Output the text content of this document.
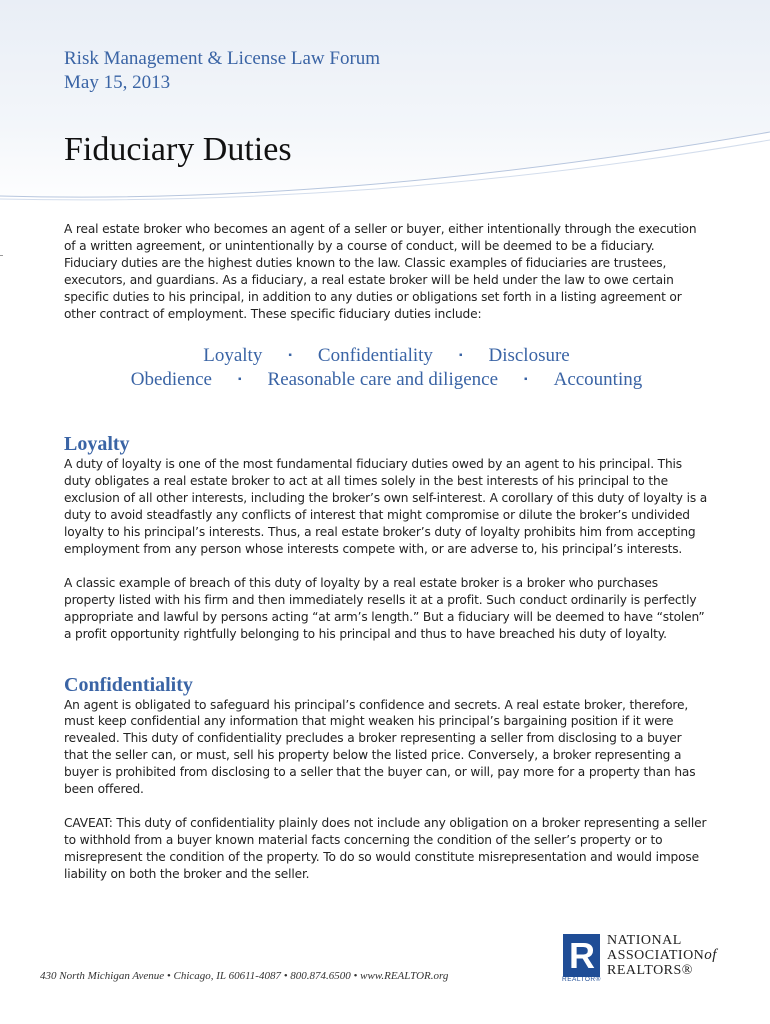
Risk Management & License Law Forum

May 15, 2013

Fiduciary Duties

A real estate broker who becomes an agent of a seller or buyer, either intentionally through the execution of a written agreement, or unintentionally by a course of conduct, will be deemed to be a fiduciary. Fiduciary duties are the highest duties known to the law. Classic examples of fiduciaries are trustees, executors, and guardians. As a fiduciary, a real estate broker will be held under the law to owe certain specific duties to his principal, in addition to any duties or obligations set forth in a listing agreement or other contract of employment. These specific fiduciary duties include:

Loyalty	▪ Confidentiality	▪ Disclosure
Obedience	▪ Reasonable care and diligence	▪ Accounting
Loyalty

A duty of loyalty is one of the most fundamental fiduciary duties owed by an agent to his principal. This duty obligates a real estate broker to act at all times solely in the best interests of his principal to the exclusion of all other interests, including the broker’s own self-interest. A corollary of this duty of loyalty is a duty to avoid steadfastly any conflicts of interest that might compromise or dilute the broker’s undivided loyalty to his principal’s interests. Thus, a real estate broker’s duty of loyalty prohibits him from accepting employment from any person whose interests compete with, or are adverse to, his principal’s interests.

A classic example of breach of this duty of loyalty by a real estate broker is a broker who purchases property listed with his firm and then immediately resells it at a profit. Such conduct ordinarily is perfectly appropriate and lawful by persons acting “at arm’s length.” But a fiduciary will be deemed to have “stolen” a profit opportunity rightfully belonging to his principal and thus to have breached his duty of loyalty.

Confidentiality

An agent is obligated to safeguard his principal’s confidence and secrets. A real estate broker, therefore, must keep confidential any information that might weaken his principal’s bargaining position if it were revealed. This duty of confidentiality precludes a broker representing a seller from disclosing to a buyer that the seller can, or must, sell his property below the listed price. Conversely, a broker representing a buyer is prohibited from disclosing to a seller that the buyer can, or will, pay more for a property than has been offered.

CAVEAT: This duty of confidentiality plainly does not include any obligation on a broker representing a seller to withhold from a buyer known material facts concerning the condition of the seller’s property or to misrepresent the condition of the property. To do so would constitute misrepresentation and would impose liability on both the broker and the seller.

430 North Michigan Avenue • Chicago, IL 60611-4087 • 800.874.6500 • www.REALTOR.org	R
REALTOR®
NATIONAL
ASSOCIATIONof
REALTORS®
